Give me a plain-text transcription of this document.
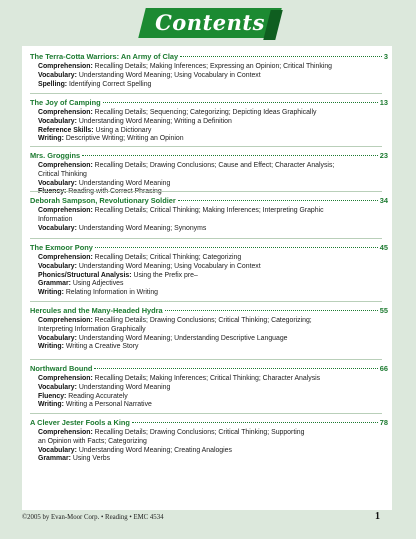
Contents
The Terra-Cotta Warriors: An Army of Clay	3

Comprehension: Recalling Details; Making Inferences; Expressing an Opinion; Critical Thinking

Vocabulary: Understanding Word Meaning; Using Vocabulary in Context

Spelling: Identifying Correct Spelling

The Joy of Camping	13

Comprehension: Recalling Details; Sequencing; Categorizing; Depicting Ideas Graphically

Vocabulary: Understanding Word Meaning; Writing a Definition

Reference Skills: Using a Dictionary

Writing: Descriptive Writing; Writing an Opinion

Mrs. Groggins	23

Comprehension: Recalling Details; Drawing Conclusions; Cause and Effect; Character Analysis;

Critical Thinking

Vocabulary: Understanding Word Meaning

Fluency: Reading with Correct Phrasing

Deborah Sampson, Revolutionary Soldier	34

Comprehension: Recalling Details; Critical Thinking; Making Inferences; Interpreting Graphic

Information

Vocabulary: Understanding Word Meaning; Synonyms

The Exmoor Pony	45

Comprehension: Recalling Details; Critical Thinking; Categorizing

Vocabulary: Understanding Word Meaning; Using Vocabulary in Context

Phonics/Structural Analysis: Using the Prefix pre–

Grammar: Using Adjectives

Writing: Relating Information in Writing

Hercules and the Many-Headed Hydra	55

Comprehension: Recalling Details; Drawing Conclusions; Critical Thinking; Categorizing;

Interpreting Information Graphically

Vocabulary: Understanding Word Meaning; Understanding Descriptive Language

Writing: Writing a Creative Story

Northward Bound	66

Comprehension: Recalling Details; Making Inferences; Critical Thinking; Character Analysis

Vocabulary: Understanding Word Meaning

Fluency: Reading Accurately

Writing: Writing a Personal Narrative

A Clever Jester Fools a King	78

Comprehension: Recalling Details; Drawing Conclusions; Critical Thinking; Supporting

an Opinion with Facts; Categorizing

Vocabulary: Understanding Word Meaning; Creating Analogies

Grammar: Using Verbs

©2005 by Evan-Moor Corp. • Reading • EMC 4534	1
